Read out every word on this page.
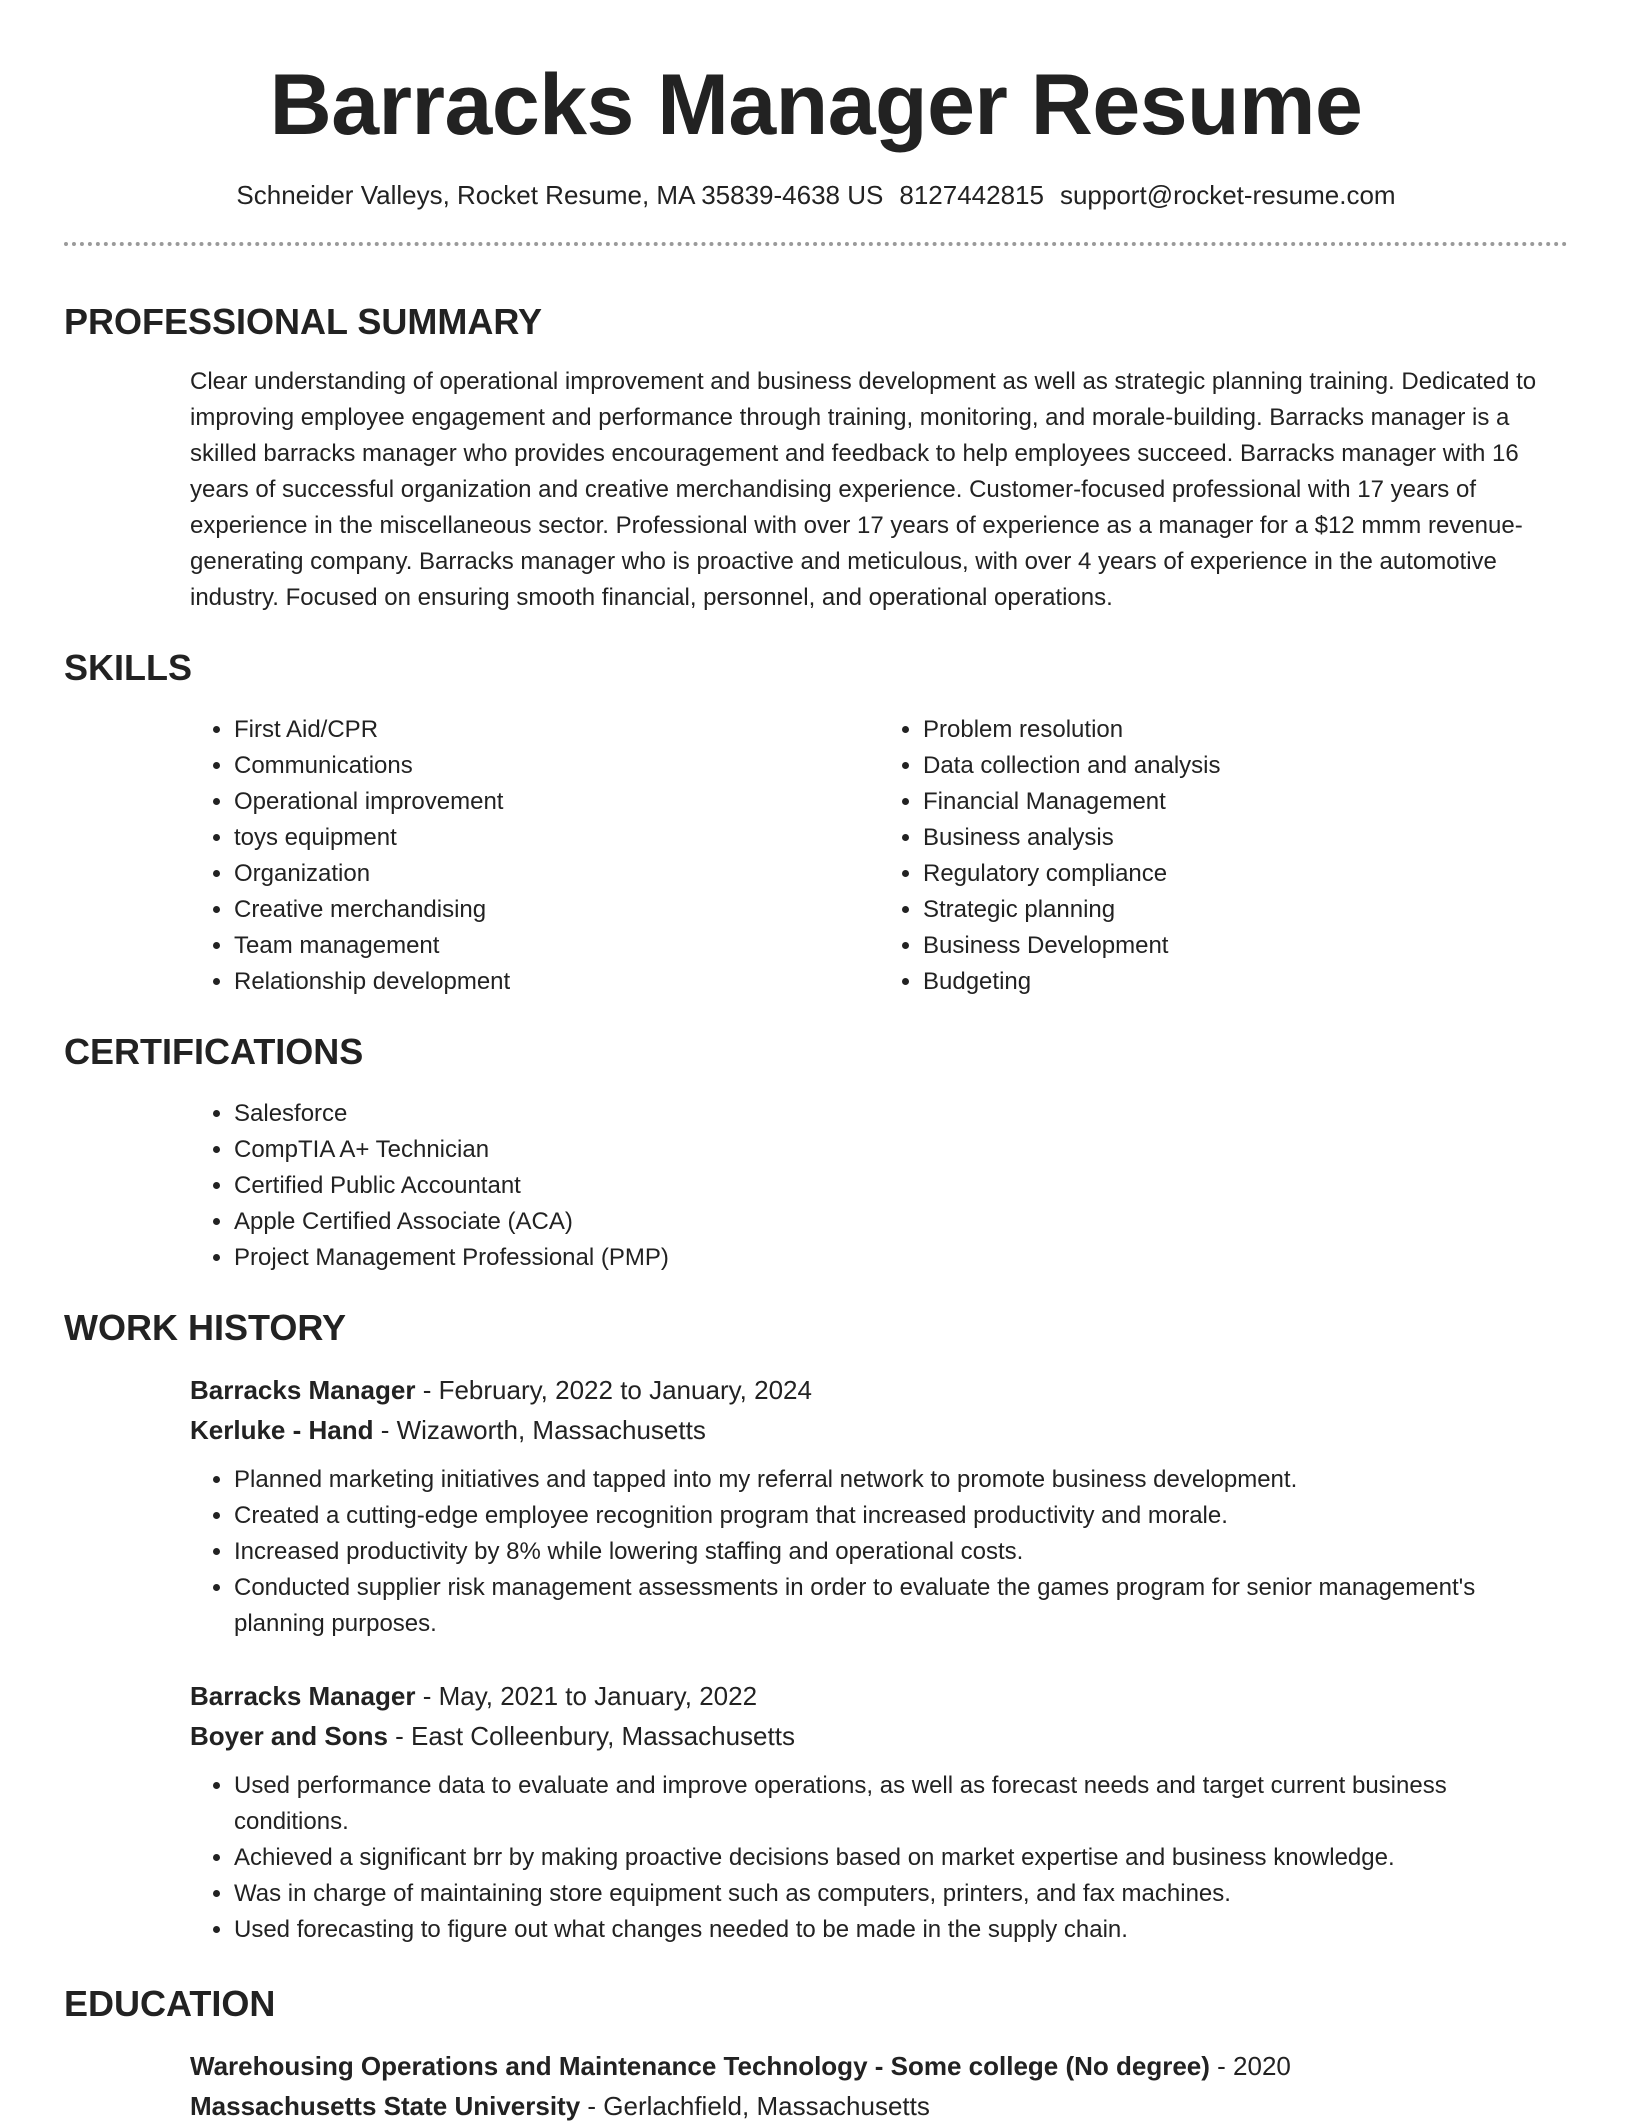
Barracks Manager Resume
Schneider Valleys, Rocket Resume, MA 35839-4638 US 8127442815 support@rocket-resume.com
PROFESSIONAL SUMMARY

Clear understanding of operational improvement and business development as well as strategic planning training. Dedicated to improving employee engagement and performance through training, monitoring, and morale-building. Barracks manager is a skilled barracks manager who provides encouragement and feedback to help employees succeed. Barracks manager with 16 years of successful organization and creative merchandising experience. Customer-focused professional with 17 years of experience in the miscellaneous sector. Professional with over 17 years of experience as a manager for a $12 mmm revenue-generating company. Barracks manager who is proactive and meticulous, with over 4 years of experience in the automotive industry. Focused on ensuring smooth financial, personnel, and operational operations.

SKILLS
• First Aid/CPR
• Communications
• Operational improvement
• toys equipment
• Organization
• Creative merchandising
• Team management
• Relationship development
• Problem resolution
• Data collection and analysis
• Financial Management
• Business analysis
• Regulatory compliance
• Strategic planning
• Business Development
• Budgeting
CERTIFICATIONS
• Salesforce
• CompTIA A+ Technician
• Certified Public Accountant
• Apple Certified Associate (ACA)
• Project Management Professional (PMP)
WORK HISTORY

Barracks Manager - February, 2022 to January, 2024

Kerluke - Hand - Wizaworth, Massachusetts

• Planned marketing initiatives and tapped into my referral network to promote business development.
• Created a cutting-edge employee recognition program that increased productivity and morale.
• Increased productivity by 8% while lowering staffing and operational costs.
• Conducted supplier risk management assessments in order to evaluate the games program for senior management's planning purposes.

Barracks Manager - May, 2021 to January, 2022

Boyer and Sons - East Colleenbury, Massachusetts

• Used performance data to evaluate and improve operations, as well as forecast needs and target current business conditions.
• Achieved a significant brr by making proactive decisions based on market expertise and business knowledge.
• Was in charge of maintaining store equipment such as computers, printers, and fax machines.
• Used forecasting to figure out what changes needed to be made in the supply chain.
EDUCATION

Warehousing Operations and Maintenance Technology - Some college (No degree) - 2020

Massachusetts State University - Gerlachfield, Massachusetts
